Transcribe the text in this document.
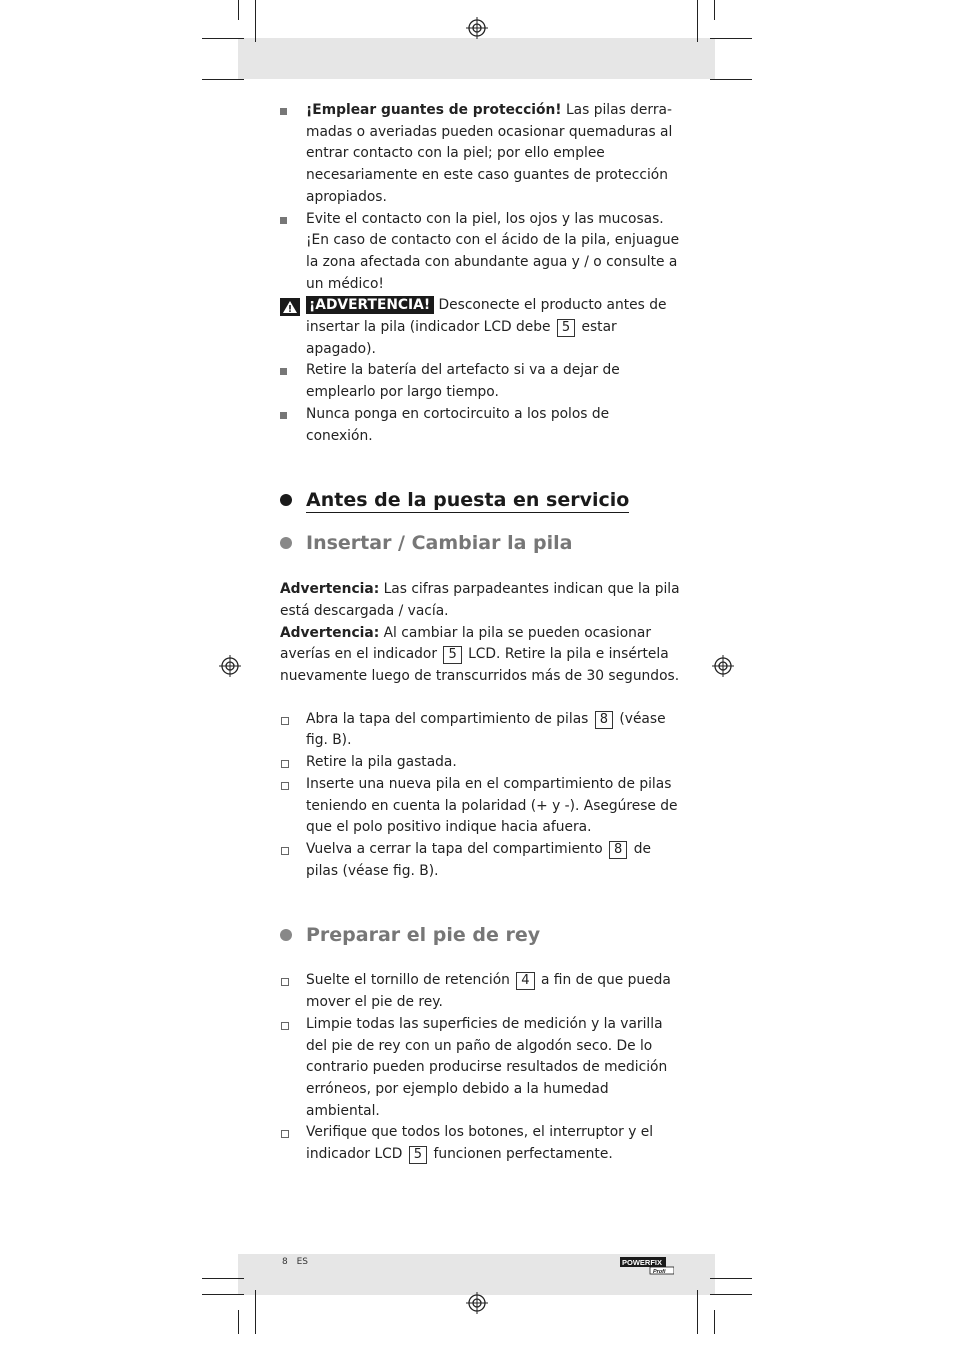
¡Emplear guantes de protección! Las pilas derra-madas o averiadas pueden ocasionar quemaduras al entrar contacto con la piel; por ello emplee necesariamente en este caso guantes de protección apropiados.
Evite el contacto con la piel, los ojos y las mucosas. ¡En caso de contacto con el ácido de la pila, enjuague la zona afectada con abundante agua y / o consulte a un médico!
¡ADVERTENCIA! Desconecte el producto antes de insertar la pila (indicador LCD debe 5 estar apagado).
Retire la batería del artefacto si va a dejar de emplearlo por largo tiempo.
Nunca ponga en cortocircuito a los polos de conexión.
Antes de la puesta en servicio
Insertar / Cambiar la pila
Advertencia: Las cifras parpadeantes indican que la pila está descargada / vacía.
Advertencia: Al cambiar la pila se pueden ocasionar averías en el indicador 5 LCD. Retire la pila e insértela nuevamente luego de transcurridos más de 30 segundos.
Abra la tapa del compartimiento de pilas 8 (véase fig. B).
Retire la pila gastada.
Inserte una nueva pila en el compartimiento de pilas teniendo en cuenta la polaridad (+ y -). Asegúrese de que el polo positivo indique hacia afuera.
Vuelva a cerrar la tapa del compartimiento 8 de pilas (véase fig. B).
Preparar el pie de rey
Suelte el tornillo de retención 4 a fin de que pueda mover el pie de rey.
Limpie todas las superficies de medición y la varilla del pie de rey con un paño de algodón seco. De lo contrario pueden producirse resultados de medición erróneos, por ejemplo debido a la humedad ambiental.
Verifique que todos los botones, el interruptor y el indicador LCD 5 funcionen perfectamente.
8 ES	POWERFIX
Profi
